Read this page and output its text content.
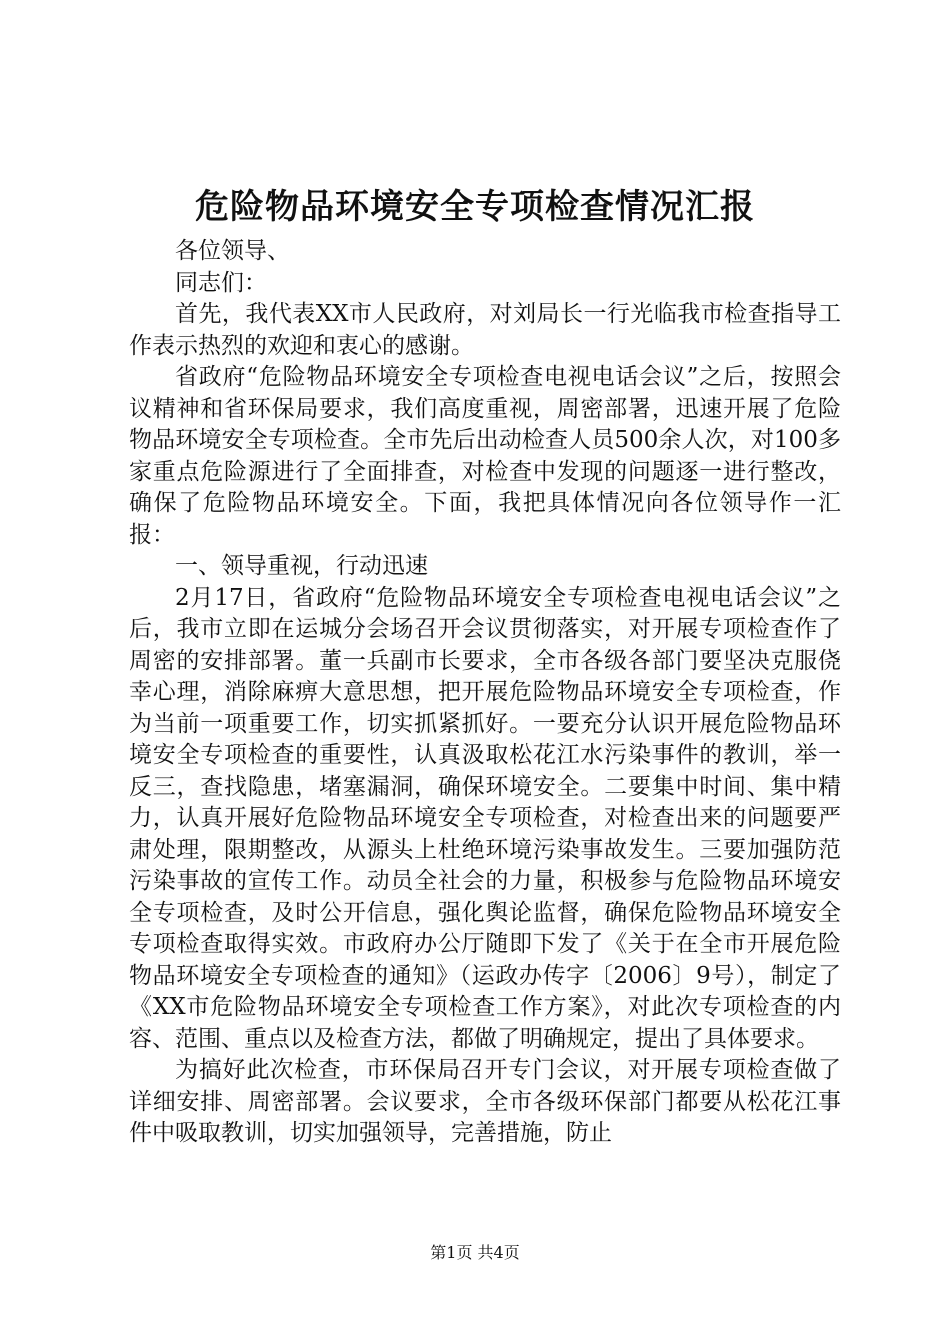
危险物品环境安全专项检查情况汇报

各位领导、

同志们：

首先，我代表XX市人民政府，对刘局长一行光临我市检查指导工作表示热烈的欢迎和衷心的感谢。

省政府“危险物品环境安全专项检查电视电话会议”之后，按照会议精神和省环保局要求，我们高度重视，周密部署，迅速开展了危险物品环境安全专项检查。全市先后出动检查人员500余人次，对100多家重点危险源进行了全面排查，对检查中发现的问题逐一进行整改，确保了危险物品环境安全。下面，我把具体情况向各位领导作一汇报：

一、领导重视，行动迅速

2月17日，省政府“危险物品环境安全专项检查电视电话会议”之后，我市立即在运城分会场召开会议贯彻落实，对开展专项检查作了周密的安排部署。董一兵副市长要求，全市各级各部门要坚决克服侥幸心理，消除麻痹大意思想，把开展危险物品环境安全专项检查，作为当前一项重要工作，切实抓紧抓好。一要充分认识开展危险物品环境安全专项检查的重要性，认真汲取松花江水污染事件的教训，举一反三，查找隐患，堵塞漏洞，确保环境安全。二要集中时间、集中精力，认真开展好危险物品环境安全专项检查，对检查出来的问题要严肃处理，限期整改，从源头上杜绝环境污染事故发生。三要加强防范污染事故的宣传工作。动员全社会的力量，积极参与危险物品环境安全专项检查，及时公开信息，强化舆论监督，确保危险物品环境安全专项检查取得实效。市政府办公厅随即下发了《关于在全市开展危险物品环境安全专项检查的通知》（运政办传字〔2006〕9号），制定了《XX市危险物品环境安全专项检查工作方案》，对此次专项检查的内容、范围、重点以及检查方法，都做了明确规定，提出了具体要求。

为搞好此次检查，市环保局召开专门会议，对开展专项检查做了详细安排、周密部署。会议要求，全市各级环保部门都要从松花江事件中吸取教训，切实加强领导，完善措施，防止

第1页 共4页
